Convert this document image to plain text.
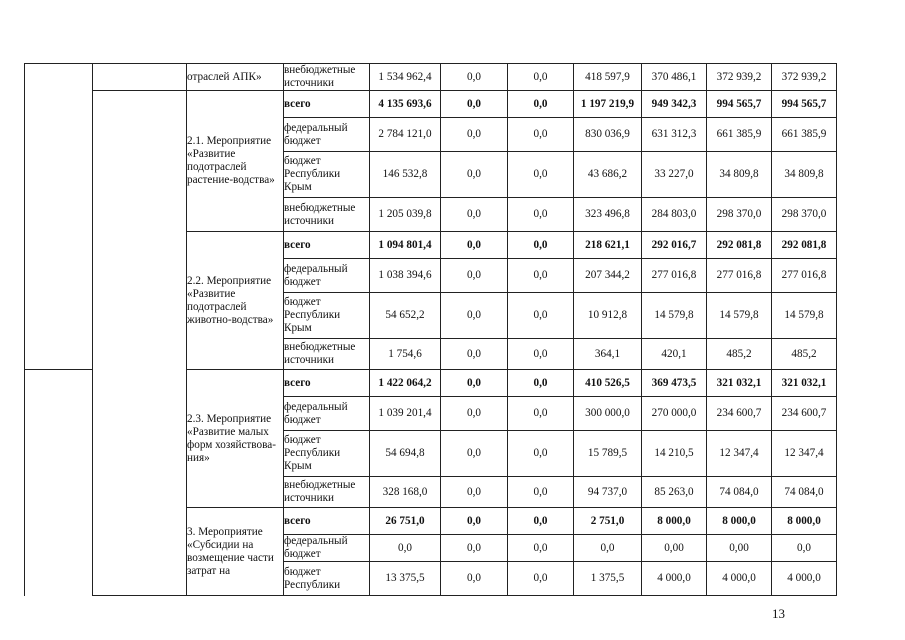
		отраслей АПК»	внебюджетные источники	1 534 962,4	0,0	0,0	418 597,9	370 486,1	372 939,2	372 939,2
		2.1. Мероприятие «Развитие подотраслей растение-водства»	всего	4 135 693,6	0,0	0,0	1 197 219,9	949 342,3	994 565,7	994 565,7
			федеральный бюджет	2 784 121,0	0,0	0,0	830 036,9	631 312,3	661 385,9	661 385,9
			бюджет Республики Крым	146 532,8	0,0	0,0	43 686,2	33 227,0	34 809,8	34 809,8
			внебюджетные источники	1 205 039,8	0,0	0,0	323 496,8	284 803,0	298 370,0	298 370,0
		2.2. Мероприятие «Развитие подотраслей животно-водства»	всего	1 094 801,4	0,0	0,0	218 621,1	292 016,7	292 081,8	292 081,8
			федеральный бюджет	1 038 394,6	0,0	0,0	207 344,2	277 016,8	277 016,8	277 016,8
			бюджет Республики Крым	54 652,2	0,0	0,0	10 912,8	14 579,8	14 579,8	14 579,8
			внебюджетные источники	1 754,6	0,0	0,0	364,1	420,1	485,2	485,2
		2.3. Мероприятие «Развитие малых форм хозяйствова-ния»	всего	1 422 064,2	0,0	0,0	410 526,5	369 473,5	321 032,1	321 032,1
			федеральный бюджет	1 039 201,4	0,0	0,0	300 000,0	270 000,0	234 600,7	234 600,7
			бюджет Республики Крым	54 694,8	0,0	0,0	15 789,5	14 210,5	12 347,4	12 347,4
			внебюджетные источники	328 168,0	0,0	0,0	94 737,0	85 263,0	74 084,0	74 084,0
		3. Мероприятие «Субсидии на возмещение части затрат на	всего	26 751,0	0,0	0,0	2 751,0	8 000,0	8 000,0	8 000,0
			федеральный бюджет	0,0	0,0	0,0	0,0	0,00	0,00	0,0
			бюджет Республики	13 375,5	0,0	0,0	1 375,5	4 000,0	4 000,0	4 000,0
13
